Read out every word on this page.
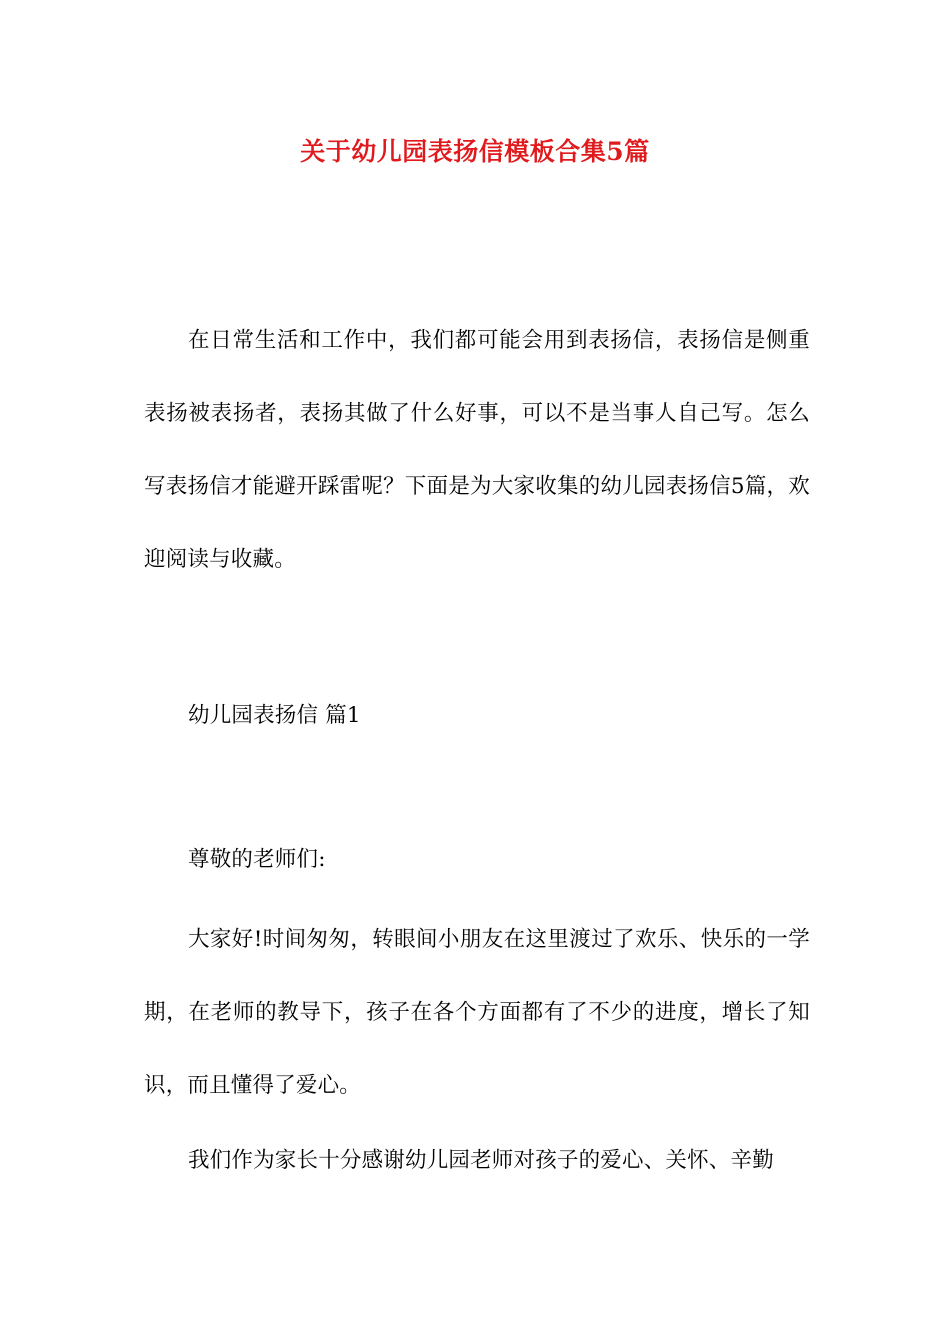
关于幼儿园表扬信模板合集5篇

在日常生活和工作中，我们都可能会用到表扬信，表扬信是侧重表扬被表扬者，表扬其做了什么好事，可以不是当事人自己写。怎么写表扬信才能避开踩雷呢？下面是为大家收集的幼儿园表扬信5篇，欢迎阅读与收藏。

幼儿园表扬信 篇1

尊敬的老师们:

大家好!时间匆匆，转眼间小朋友在这里渡过了欢乐、快乐的一学期，在老师的教导下，孩子在各个方面都有了不少的进度，增长了知识，而且懂得了爱心。

我们作为家长十分感谢幼儿园老师对孩子的爱心、关怀、辛勤
